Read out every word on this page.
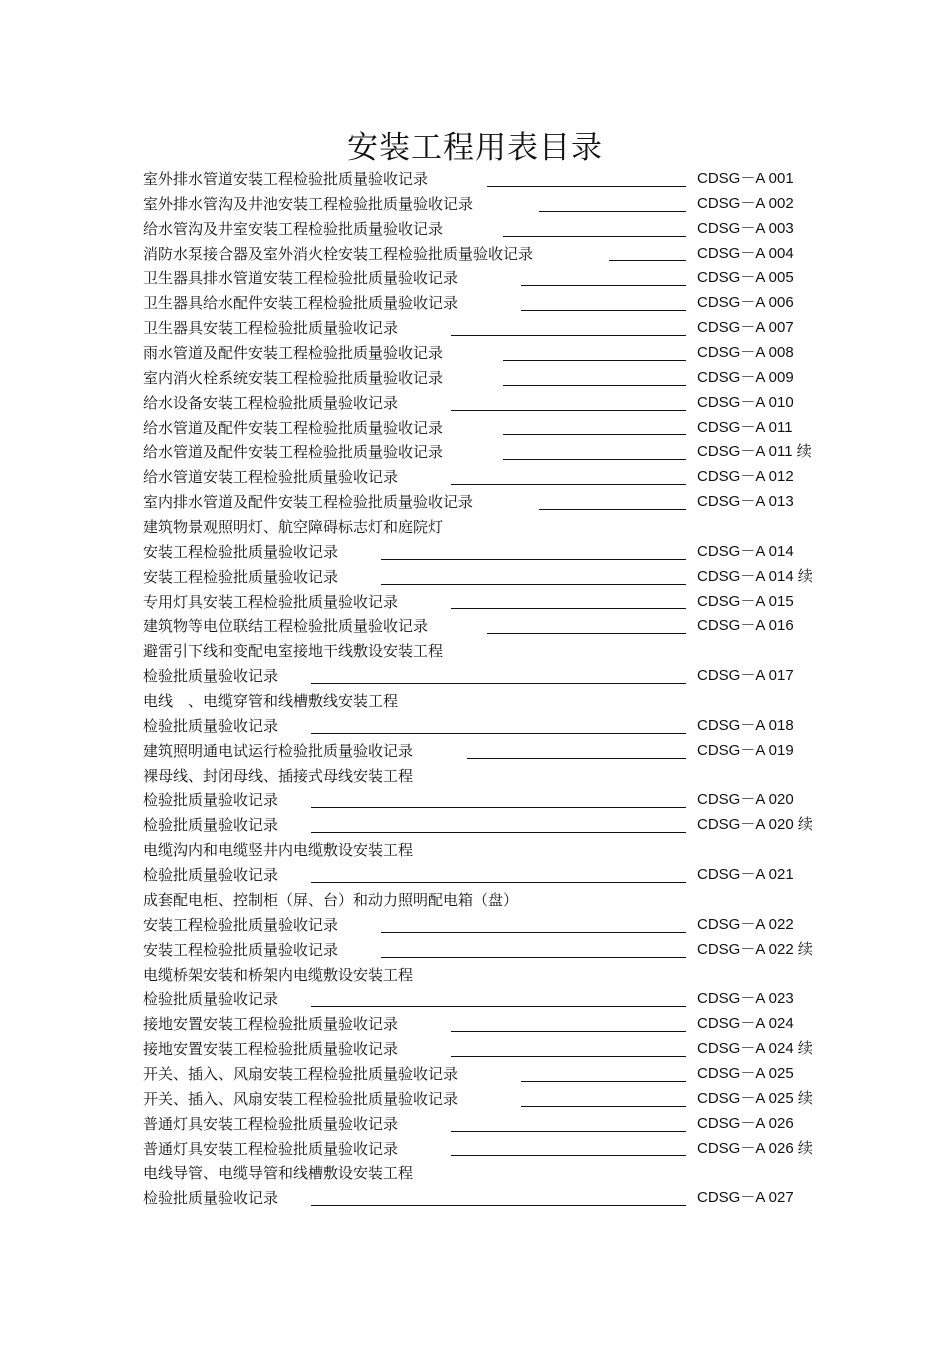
安装工程用表目录
室外排水管道安装工程检验批质量验收记录	CDSG－A 001
室外排水管沟及井池安装工程检验批质量验收记录	CDSG－A 002
给水管沟及井室安装工程检验批质量验收记录	CDSG－A 003
消防水泵接合器及室外消火栓安装工程检验批质量验收记录	CDSG－A 004
卫生器具排水管道安装工程检验批质量验收记录	CDSG－A 005
卫生器具给水配件安装工程检验批质量验收记录	CDSG－A 006
卫生器具安装工程检验批质量验收记录	CDSG－A 007
雨水管道及配件安装工程检验批质量验收记录	CDSG－A 008
室内消火栓系统安装工程检验批质量验收记录	CDSG－A 009
给水设备安装工程检验批质量验收记录	CDSG－A 010
给水管道及配件安装工程检验批质量验收记录	CDSG－A 011
给水管道及配件安装工程检验批质量验收记录	CDSG－A 011 续
给水管道安装工程检验批质量验收记录	CDSG－A 012
室内排水管道及配件安装工程检验批质量验收记录	CDSG－A 013
建筑物景观照明灯、航空障碍标志灯和庭院灯
安装工程检验批质量验收记录	CDSG－A 014
安装工程检验批质量验收记录	CDSG－A 014 续
专用灯具安装工程检验批质量验收记录	CDSG－A 015
建筑物等电位联结工程检验批质量验收记录	CDSG－A 016
避雷引下线和变配电室接地干线敷设安装工程
检验批质量验收记录	CDSG－A 017
电线　、电缆穿管和线槽敷线安装工程
检验批质量验收记录	CDSG－A 018
建筑照明通电试运行检验批质量验收记录	CDSG－A 019
裸母线、封闭母线、插接式母线安装工程
检验批质量验收记录	CDSG－A 020
检验批质量验收记录	CDSG－A 020 续
电缆沟内和电缆竖井内电缆敷设安装工程
检验批质量验收记录	CDSG－A 021
成套配电柜、控制柜（屏、台）和动力照明配电箱（盘）
安装工程检验批质量验收记录	CDSG－A 022
安装工程检验批质量验收记录	CDSG－A 022 续
电缆桥架安装和桥架内电缆敷设安装工程
检验批质量验收记录	CDSG－A 023
接地安置安装工程检验批质量验收记录	CDSG－A 024
接地安置安装工程检验批质量验收记录	CDSG－A 024 续
开关、插入、风扇安装工程检验批质量验收记录	CDSG－A 025
开关、插入、风扇安装工程检验批质量验收记录	CDSG－A 025 续
普通灯具安装工程检验批质量验收记录	CDSG－A 026
普通灯具安装工程检验批质量验收记录	CDSG－A 026 续
电线导管、电缆导管和线槽敷设安装工程
检验批质量验收记录	CDSG－A 027
